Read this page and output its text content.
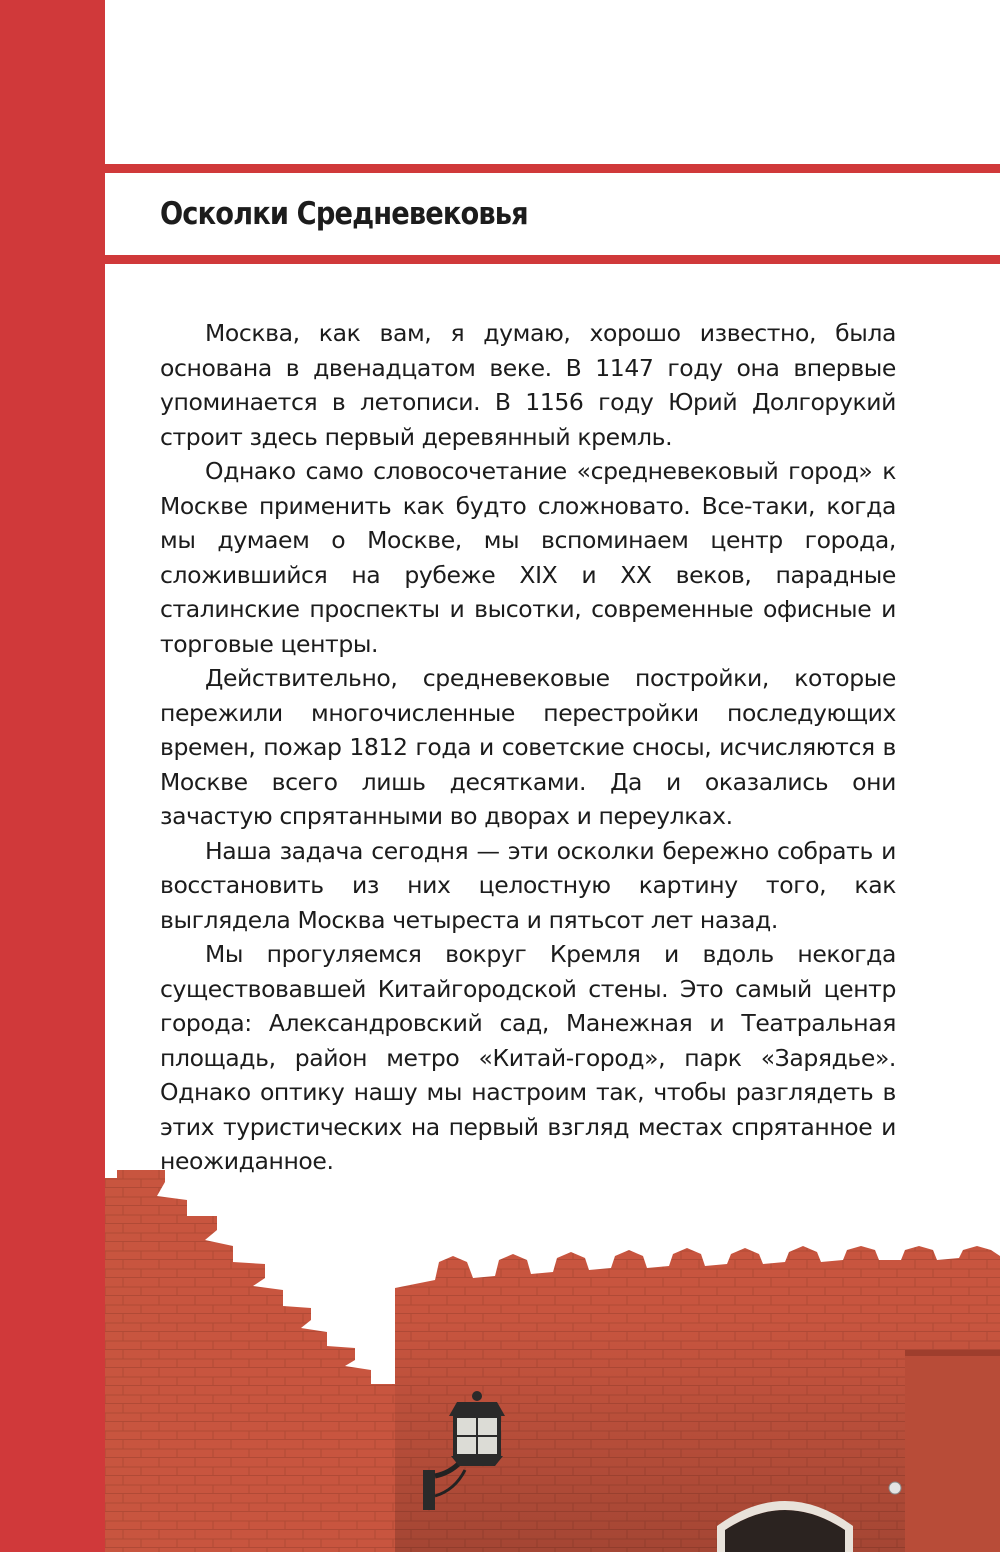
Осколки Средневековья

Москва, как вам, я думаю, хорошо известно, была основана в двенадцатом веке. В 1147 году она впервые упоминается в летописи. В 1156 году Юрий Долгорукий строит здесь первый деревянный кремль.

Однако само словосочетание «средневековый город» к Москве применить как будто сложновато. Все-таки, когда мы думаем о Москве, мы вспоминаем центр города, сложившийся на рубеже XIX и XX веков, парадные сталинские проспекты и высотки, современные офисные и торговые центры.

Действительно, средневековые постройки, которые пережили многочисленные перестройки последующих времен, пожар 1812 года и советские сносы, исчисляются в Москве всего лишь десятками. Да и оказались они зачастую спрятанными во дворах и переулках.

Наша задача сегодня — эти осколки бережно собрать и восстановить из них целостную картину того, как выглядела Москва четыреста и пятьсот лет назад.

Мы прогуляемся вокруг Кремля и вдоль некогда существовавшей Китайгородской стены. Это самый центр города: Александровский сад, Манежная и Театральная площадь, район метро «Китай-город», парк «Зарядье». Однако оптику нашу мы настроим так, чтобы разглядеть в этих туристических на первый взгляд местах спрятанное и неожиданное.
